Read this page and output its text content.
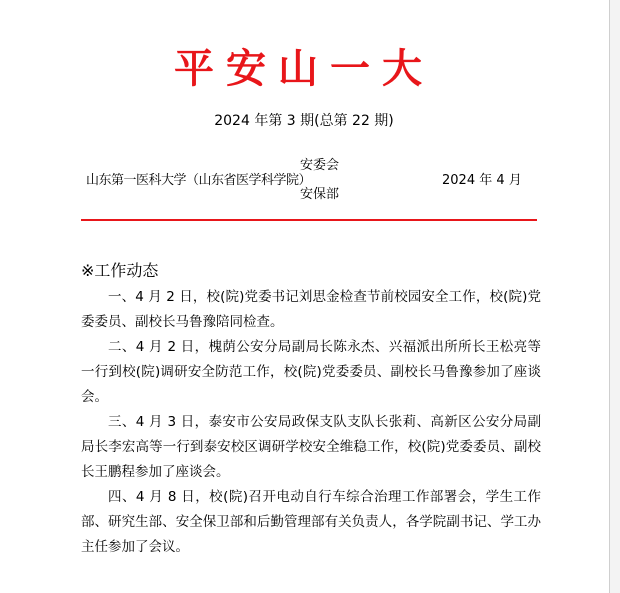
平安山一大
2024 年第 3 期(总第 22 期)
山东第一医科大学（山东省医学科学院）
安委会
安保部
2024 年 4 月
※工作动态

一、4 月 2 日，校(院)党委书记刘思金检查节前校园安全工作，校(院)党委委员、副校长马鲁豫陪同检查。

二、4 月 2 日，槐荫公安分局副局长陈永杰、兴福派出所所长王松亮等一行到校(院)调研安全防范工作，校(院)党委委员、副校长马鲁豫参加了座谈会。

三、4 月 3 日，泰安市公安局政保支队支队长张莉、高新区公安分局副局长李宏高等一行到泰安校区调研学校安全维稳工作，校(院)党委委员、副校长王鹏程参加了座谈会。

四、4 月 8 日，校(院)召开电动自行车综合治理工作部署会，学生工作部、研究生部、安全保卫部和后勤管理部有关负责人，各学院副书记、学工办主任参加了会议。
